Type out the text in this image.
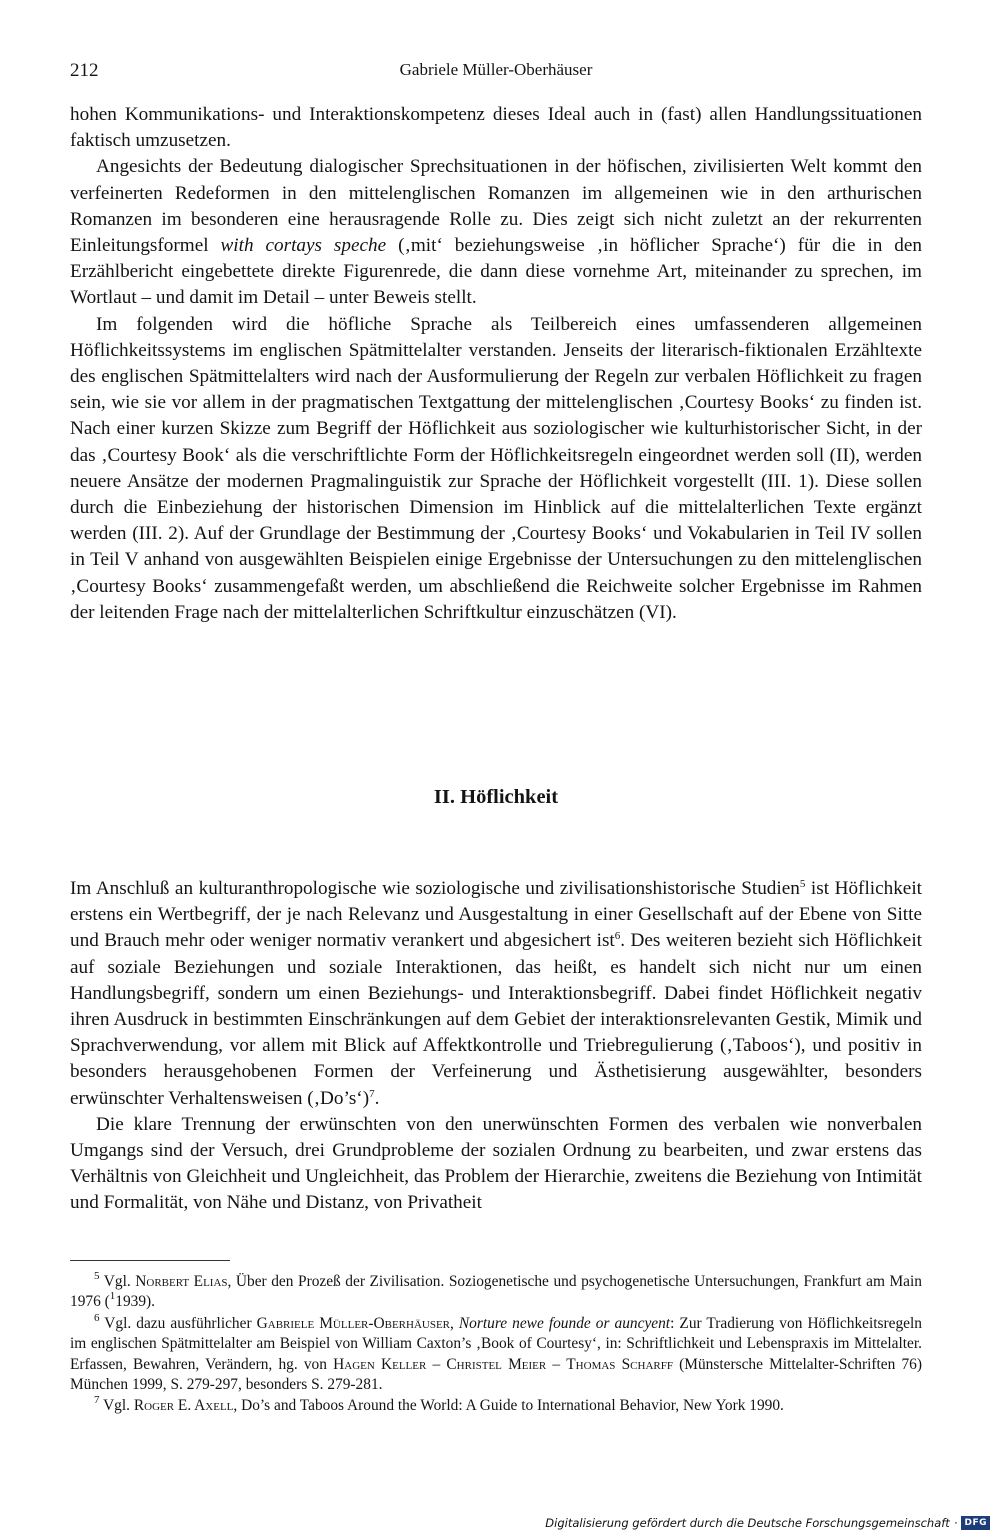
212	Gabriele Müller-Oberhäuser

hohen Kommunikations- und Interaktionskompetenz dieses Ideal auch in (fast) allen Handlungssituationen faktisch umzusetzen.

Angesichts der Bedeutung dialogischer Sprechsituationen in der höfischen, zivilisierten Welt kommt den verfeinerten Redeformen in den mittelenglischen Romanzen im allgemeinen wie in den arthurischen Romanzen im besonderen eine herausragende Rolle zu. Dies zeigt sich nicht zuletzt an der rekurrenten Einleitungsformel with cortays speche (‚mit‘ beziehungsweise ‚in höflicher Sprache‘) für die in den Erzählbericht eingebettete direkte Figurenrede, die dann diese vornehme Art, miteinander zu sprechen, im Wortlaut – und damit im Detail – unter Beweis stellt.

Im folgenden wird die höfliche Sprache als Teilbereich eines umfassenderen allgemeinen Höflichkeitssystems im englischen Spätmittelalter verstanden. Jenseits der literarisch-fiktionalen Erzähltexte des englischen Spätmittelalters wird nach der Ausformulierung der Regeln zur verbalen Höflichkeit zu fragen sein, wie sie vor allem in der pragmatischen Textgattung der mittelenglischen ‚Courtesy Books‘ zu finden ist. Nach einer kurzen Skizze zum Begriff der Höflichkeit aus soziologischer wie kulturhistorischer Sicht, in der das ‚Courtesy Book‘ als die verschriftlichte Form der Höflichkeitsregeln eingeordnet werden soll (II), werden neuere Ansätze der modernen Pragmalinguistik zur Sprache der Höflichkeit vorgestellt (III. 1). Diese sollen durch die Einbeziehung der historischen Dimension im Hinblick auf die mittelalterlichen Texte ergänzt werden (III. 2). Auf der Grundlage der Bestimmung der ‚Courtesy Books‘ und Vokabularien in Teil IV sollen in Teil V anhand von ausgewählten Beispielen einige Ergebnisse der Untersuchungen zu den mittelenglischen ‚Courtesy Books‘ zusammengefaßt werden, um abschließend die Reichweite solcher Ergebnisse im Rahmen der leitenden Frage nach der mittelalterlichen Schriftkultur einzuschätzen (VI).

II. Höflichkeit

Im Anschluß an kulturanthropologische wie soziologische und zivilisationshistorische Studien$^5$ ist Höflichkeit erstens ein Wertbegriff, der je nach Relevanz und Ausgestaltung in einer Gesellschaft auf der Ebene von Sitte und Brauch mehr oder weniger normativ verankert und abgesichert ist$^6$. Des weiteren bezieht sich Höflichkeit auf soziale Beziehungen und soziale Interaktionen, das heißt, es handelt sich nicht nur um einen Handlungsbegriff, sondern um einen Beziehungs- und Interaktionsbegriff. Dabei findet Höflichkeit negativ ihren Ausdruck in bestimmten Einschränkungen auf dem Gebiet der interaktionsrelevanten Gestik, Mimik und Sprachverwendung, vor allem mit Blick auf Affektkontrolle und Triebregulierung (‚Taboos‘), und positiv in besonders herausgehobenen Formen der Verfeinerung und Ästhetisierung ausgewählter, besonders erwünschter Verhaltensweisen (‚Do’s‘)$^7$.

Die klare Trennung der erwünschten von den unerwünschten Formen des verbalen wie nonverbalen Umgangs sind der Versuch, drei Grundprobleme der sozialen Ordnung zu bearbeiten, und zwar erstens das Verhältnis von Gleichheit und Ungleichheit, das Problem der Hierarchie, zweitens die Beziehung von Intimität und Formalität, von Nähe und Distanz, von Privatheit

$^5$ Vgl. Norbert Elias, Über den Prozeß der Zivilisation. Soziogenetische und psychogenetische Untersuchungen, Frankfurt am Main 1976 ($^1$1939).

$^6$ Vgl. dazu ausführlicher Gabriele Müller-Oberhäuser, Norture newe founde or auncyent: Zur Tradierung von Höflichkeitsregeln im englischen Spätmittelalter am Beispiel von William Caxton’s ‚Book of Courtesy‘, in: Schriftlichkeit und Lebenspraxis im Mittelalter. Erfassen, Bewahren, Verändern, hg. von Hagen Keller – Christel Meier – Thomas Scharff (Münstersche Mittelalter-Schriften 76) München 1999, S. 279-297, besonders S. 279-281.

$^7$ Vgl. Roger E. Axell, Do’s and Taboos Around the World: A Guide to International Behavior, New York 1990.

Digitalisierung gefördert durch die Deutsche Forschungsgemeinschaft · DFG
